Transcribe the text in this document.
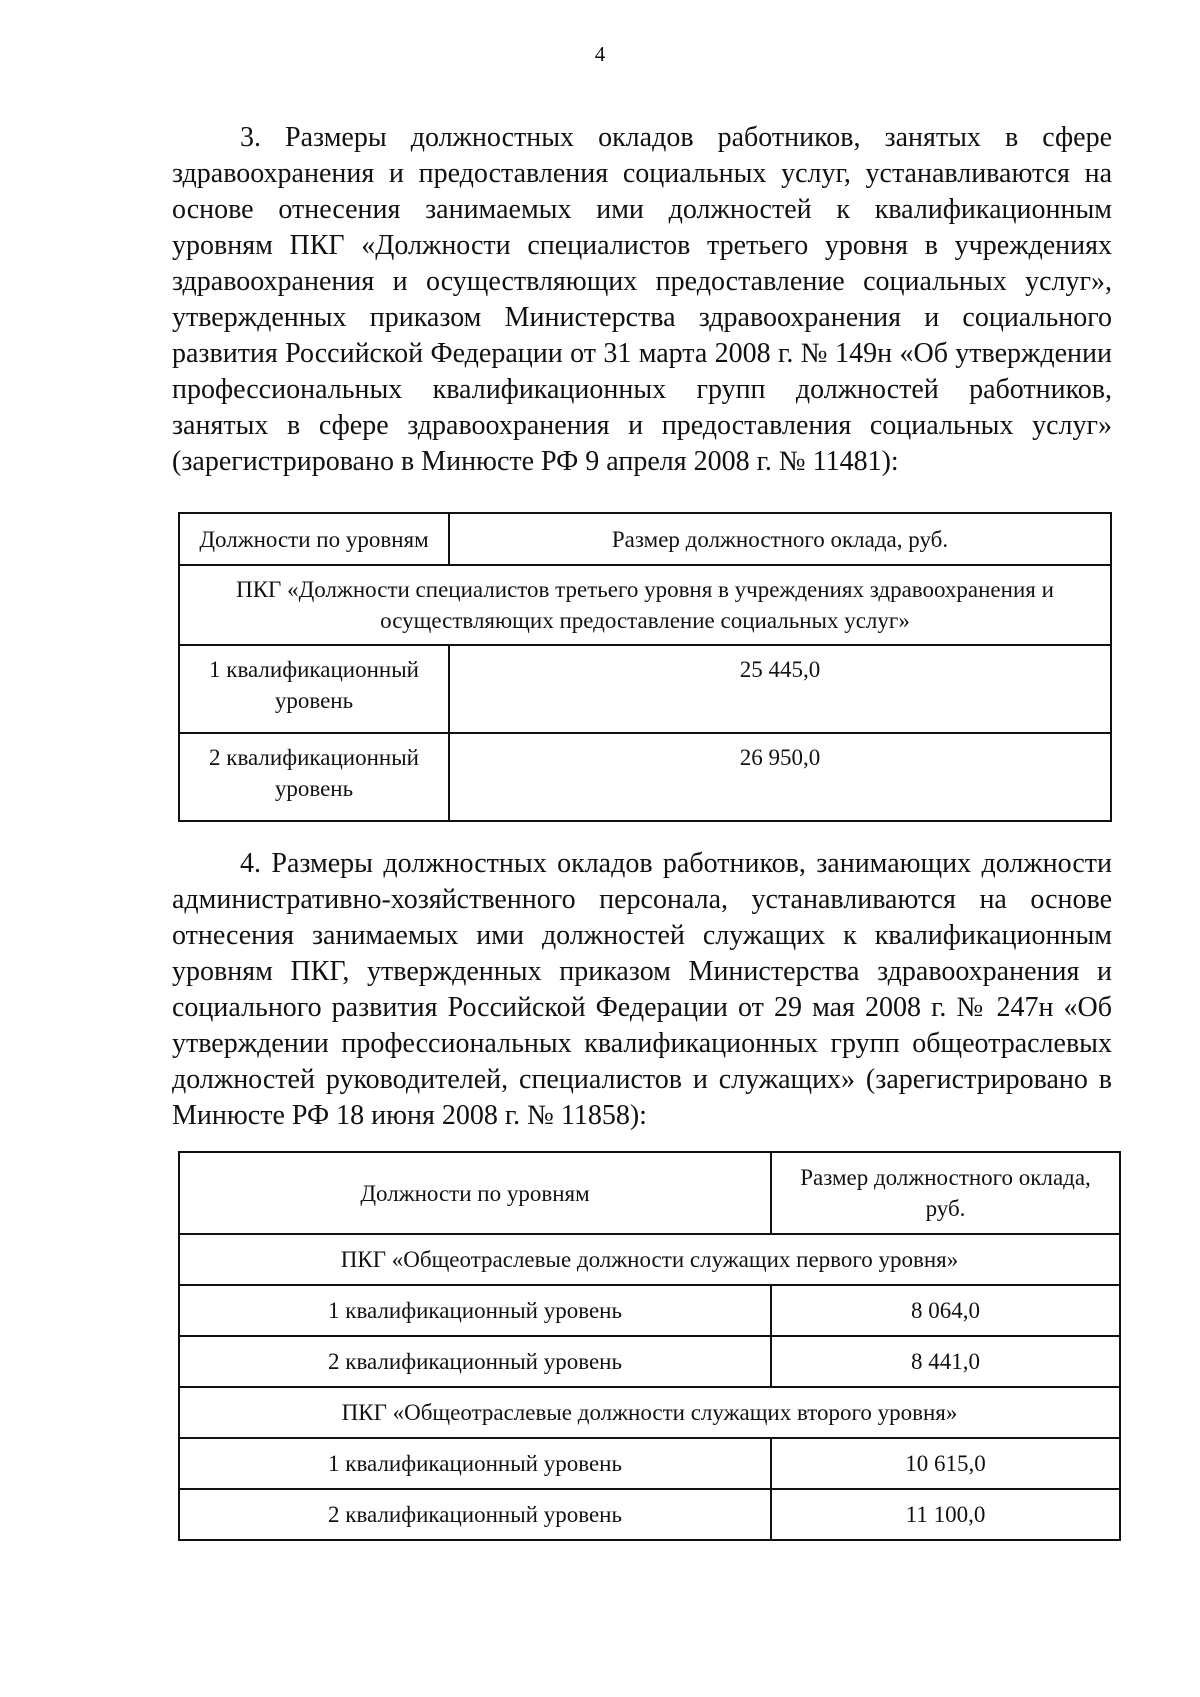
4

3. Размеры должностных окладов работников, занятых в сфере здравоохранения и предоставления социальных услуг, устанавливаются на основе отнесения занимаемых ими должностей к квалификационным уровням ПКГ «Должности специалистов третьего уровня в учреждениях здравоохранения и осуществляющих предоставление социальных услуг», утвержденных приказом Министерства здравоохранения и социального развития Российской Федерации от 31 марта 2008 г. № 149н «Об утверждении профессиональных квалификационных групп должностей работников, занятых в сфере здравоохранения и предоставления социальных услуг» (зарегистрировано в Минюсте РФ 9 апреля 2008 г. № 11481):

Должности по уровням	Размер должностного оклада, руб.
ПКГ «Должности специалистов третьего уровня в учреждениях здравоохранения и осуществляющих предоставление социальных услуг»	
1 квалификационный уровень	25 445,0
2 квалификационный уровень	26 950,0

4. Размеры должностных окладов работников, занимающих должности административно-хозяйственного персонала, устанавливаются на основе отнесения занимаемых ими должностей служащих к квалификационным уровням ПКГ, утвержденных приказом Министерства здравоохранения и социального развития Российской Федерации от 29 мая 2008 г. № 247н «Об утверждении профессиональных квалификационных групп общеотраслевых должностей руководителей, специалистов и служащих» (зарегистрировано в Минюсте РФ 18 июня 2008 г. № 11858):

Должности по уровням	Размер должностного оклада, руб.
ПКГ «Общеотраслевые должности служащих первого уровня»	
1 квалификационный уровень	8 064,0
2 квалификационный уровень	8 441,0
ПКГ «Общеотраслевые должности служащих второго уровня»	
1 квалификационный уровень	10 615,0
2 квалификационный уровень	11 100,0
